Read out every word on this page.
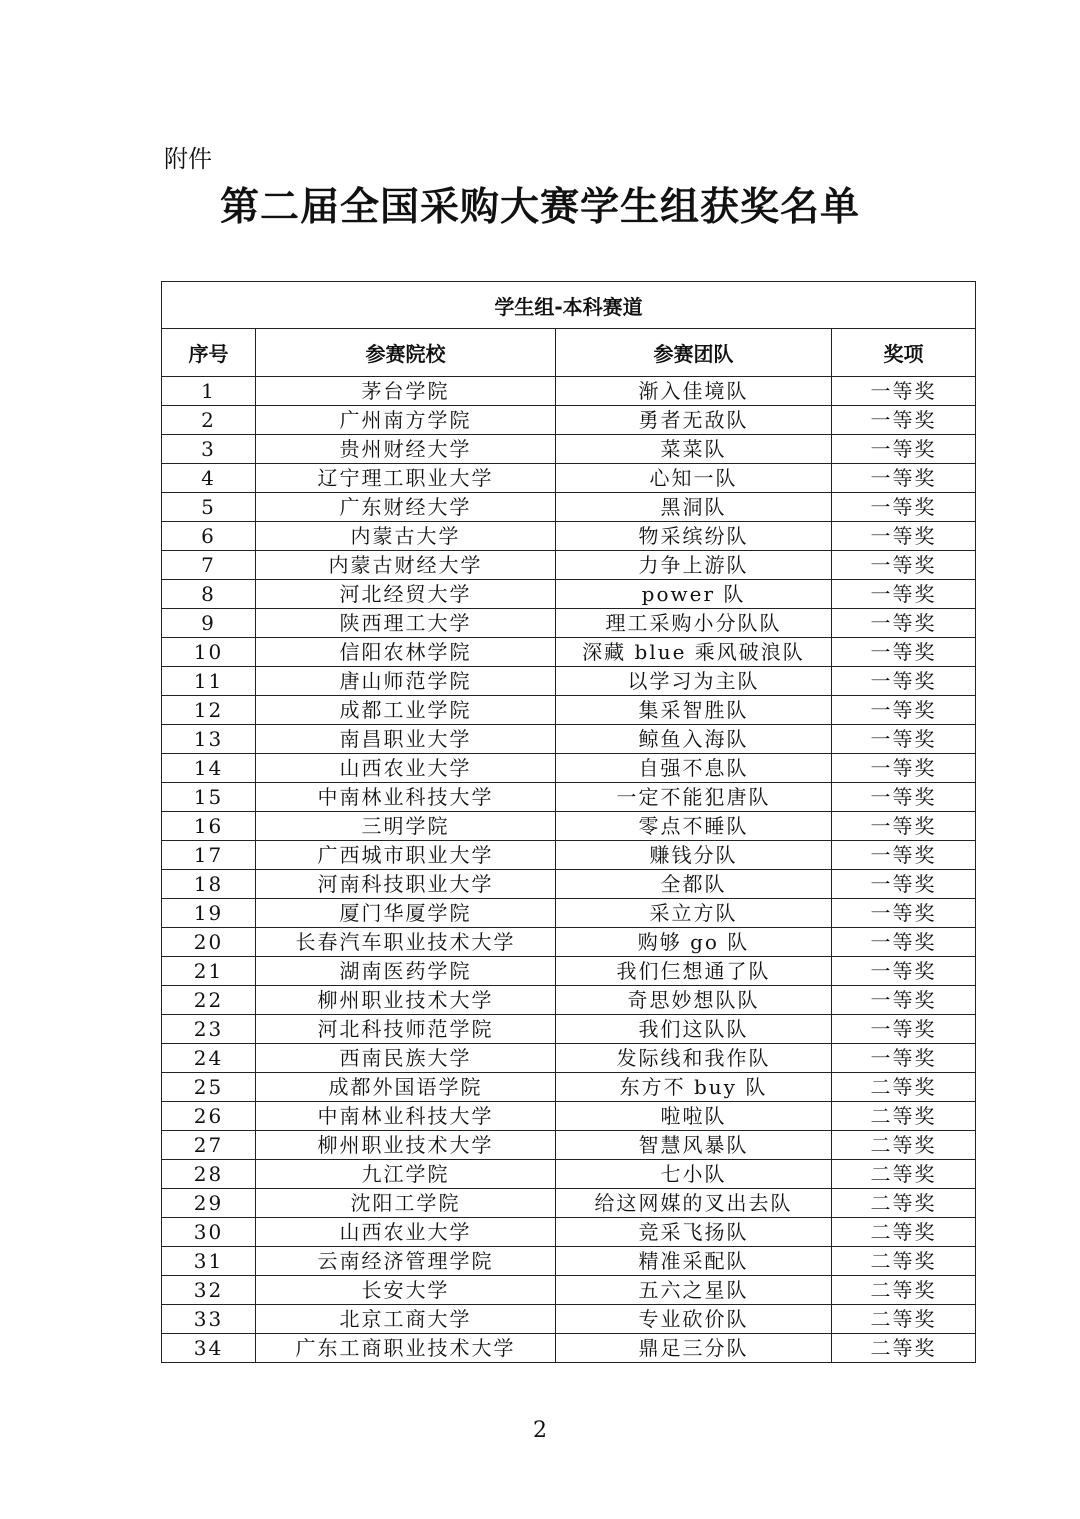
附件
第二届全国采购大赛学生组获奖名单
学生组-本科赛道			
序号	参赛院校	参赛团队	奖项
1	茅台学院	渐入佳境队	一等奖
2	广州南方学院	勇者无敌队	一等奖
3	贵州财经大学	菜菜队	一等奖
4	辽宁理工职业大学	心知一队	一等奖
5	广东财经大学	黑洞队	一等奖
6	内蒙古大学	物采缤纷队	一等奖
7	内蒙古财经大学	力争上游队	一等奖
8	河北经贸大学	power 队	一等奖
9	陕西理工大学	理工采购小分队队	一等奖
10	信阳农林学院	深藏 blue 乘风破浪队	一等奖
11	唐山师范学院	以学习为主队	一等奖
12	成都工业学院	集采智胜队	一等奖
13	南昌职业大学	鲸鱼入海队	一等奖
14	山西农业大学	自强不息队	一等奖
15	中南林业科技大学	一定不能犯唐队	一等奖
16	三明学院	零点不睡队	一等奖
17	广西城市职业大学	赚钱分队	一等奖
18	河南科技职业大学	全都队	一等奖
19	厦门华厦学院	采立方队	一等奖
20	长春汽车职业技术大学	购够 go 队	一等奖
21	湖南医药学院	我们仨想通了队	一等奖
22	柳州职业技术大学	奇思妙想队队	一等奖
23	河北科技师范学院	我们这队队	一等奖
24	西南民族大学	发际线和我作队	一等奖
25	成都外国语学院	东方不 buy 队	二等奖
26	中南林业科技大学	啦啦队	二等奖
27	柳州职业技术大学	智慧风暴队	二等奖
28	九江学院	七小队	二等奖
29	沈阳工学院	给这网媒的叉出去队	二等奖
30	山西农业大学	竞采飞扬队	二等奖
31	云南经济管理学院	精准采配队	二等奖
32	长安大学	五六之星队	二等奖
33	北京工商大学	专业砍价队	二等奖
34	广东工商职业技术大学	鼎足三分队	二等奖
2
